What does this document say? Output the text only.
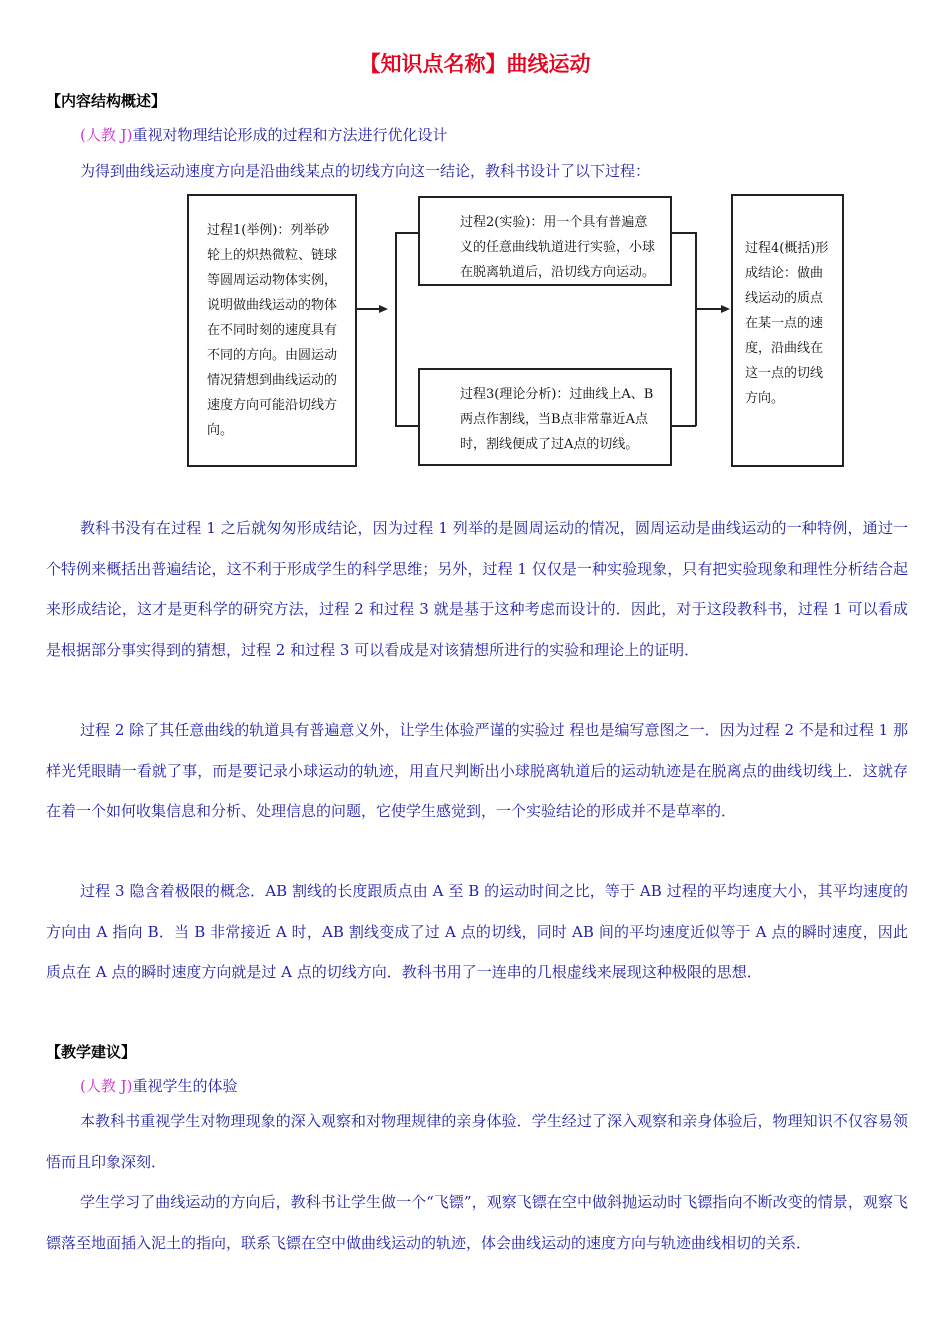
【知识点名称】曲线运动
【内容结构概述】
(人教 J)重视对物理结论形成的过程和方法进行优化设计
为得到曲线运动速度方向是沿曲线某点的切线方向这一结论，教科书设计了以下过程：

过程1(举例)：列举砂轮上的炽热微粒、链球等圆周运动物体实例，说明做曲线运动的物体在不同时刻的速度具有不同的方向。由圆运动情况猜想到曲线运动的速度方向可能沿切线方向。

过程2(实验)：用一个具有普遍意义的任意曲线轨道进行实验，小球在脱离轨道后，沿切线方向运动。

过程3(理论分析)：过曲线上A、B两点作割线，当B点非常靠近A点时，割线便成了过A点的切线。

过程4(概括)形成结论：做曲线运动的质点在某一点的速度，沿曲线在这一点的切线方向。

教科书没有在过程 1 之后就匆匆形成结论，因为过程 1 列举的是圆周运动的情况，圆周运动是曲线运动的一种特例，通过一个特例来概括出普遍结论，这不利于形成学生的科学思维；另外，过程 1 仅仅是一种实验现象，只有把实验现象和理性分析结合起来形成结论，这才是更科学的研究方法，过程 2 和过程 3 就是基于这种考虑而设计的．因此，对于这段教科书，过程 1 可以看成是根据部分事实得到的猜想，过程 2 和过程 3 可以看成是对该猜想所进行的实验和理论上的证明．

过程 2 除了其任意曲线的轨道具有普遍意义外，让学生体验严谨的实验过 程也是编写意图之一．因为过程 2 不是和过程 1 那样光凭眼睛一看就了事，而是要记录小球运动的轨迹，用直尺判断出小球脱离轨道后的运动轨迹是在脱离点的曲线切线上．这就存在着一个如何收集信息和分析、处理信息的问题，它使学生感觉到，一个实验结论的形成并不是草率的．

过程 3 隐含着极限的概念．AB 割线的长度跟质点由 A 至 B 的运动时间之比，等于 AB 过程的平均速度大小，其平均速度的方向由 A 指向 B．当 B 非常接近 A 时，AB 割线变成了过 A 点的切线，同时 AB 间的平均速度近似等于 A 点的瞬时速度，因此质点在 A 点的瞬时速度方向就是过 A 点的切线方向．教科书用了一连串的几根虚线来展现这种极限的思想．

【教学建议】
(人教 J)重视学生的体验

本教科书重视学生对物理现象的深入观察和对物理规律的亲身体验．学生经过了深入观察和亲身体验后，物理知识不仅容易领悟而且印象深刻．

学生学习了曲线运动的方向后，教科书让学生做一个“飞镖”，观察飞镖在空中做斜抛运动时飞镖指向不断改变的情景，观察飞镖落至地面插入泥土的指向，联系飞镖在空中做曲线运动的轨迹，体会曲线运动的速度方向与轨迹曲线相切的关系．
